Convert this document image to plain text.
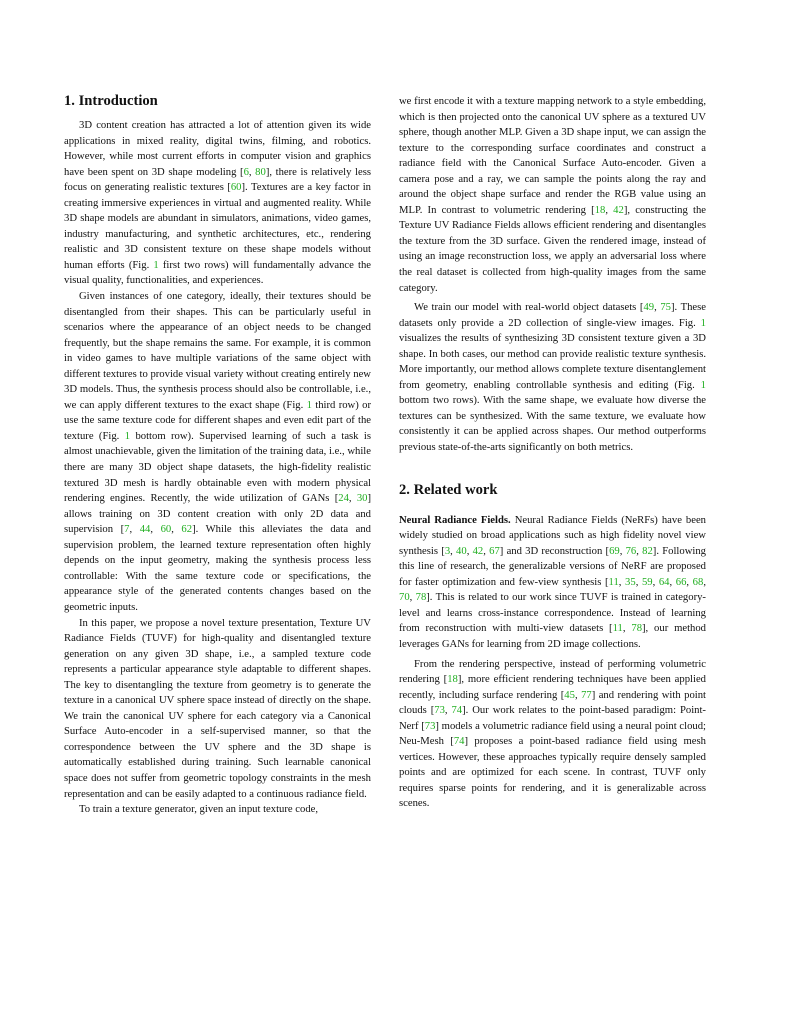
1. Introduction

3D content creation has attracted a lot of attention given its wide applications in mixed reality, digital twins, filming, and robotics. However, while most current efforts in computer vision and graphics have been spent on 3D shape modeling [6, 80], there is relatively less focus on generating realistic textures [60]. Textures are a key factor in creating immersive experiences in virtual and augmented reality. While 3D shape models are abundant in simulators, animations, video games, industry manufacturing, and synthetic architectures, etc., rendering realistic and 3D consistent texture on these shape models without human efforts (Fig. 1 first two rows) will fundamentally advance the visual quality, functionalities, and experiences.

Given instances of one category, ideally, their textures should be disentangled from their shapes. This can be particularly useful in scenarios where the appearance of an object needs to be changed frequently, but the shape remains the same. For example, it is common in video games to have multiple variations of the same object with different textures to provide visual variety without creating entirely new 3D models. Thus, the synthesis process should also be controllable, i.e., we can apply different textures to the exact shape (Fig. 1 third row) or use the same texture code for different shapes and even edit part of the texture (Fig. 1 bottom row). Supervised learning of such a task is almost unachievable, given the limitation of the training data, i.e., while there are many 3D object shape datasets, the high-fidelity realistic textured 3D mesh is hardly obtainable even with modern physical rendering engines. Recently, the wide utilization of GANs [24, 30] allows training on 3D content creation with only 2D data and supervision [7, 44, 60, 62]. While this alleviates the data and supervision problem, the learned texture representation often highly depends on the input geometry, making the synthesis process less controllable: With the same texture code or specifications, the appearance style of the generated contents changes based on the geometric inputs.

In this paper, we propose a novel texture presentation, Texture UV Radiance Fields (TUVF) for high-quality and disentangled texture generation on any given 3D shape, i.e., a sampled texture code represents a particular appearance style adaptable to different shapes. The key to disentangling the texture from geometry is to generate the texture in a canonical UV sphere space instead of directly on the shape. We train the canonical UV sphere for each category via a Canonical Surface Auto-encoder in a self-supervised manner, so that the correspondence between the UV sphere and the 3D shape is automatically established during training. Such learnable canonical space does not suffer from geometric topology constraints in the mesh representation and can be easily adapted to a continuous radiance field.

To train a texture generator, given an input texture code,

we first encode it with a texture mapping network to a style embedding, which is then projected onto the canonical UV sphere as a textured UV sphere, though another MLP. Given a 3D shape input, we can assign the texture to the corresponding surface coordinates and construct a radiance field with the Canonical Surface Auto-encoder. Given a camera pose and a ray, we can sample the points along the ray and around the object shape surface and render the RGB value using an MLP. In contrast to volumetric rendering [18, 42], constructing the Texture UV Radiance Fields allows efficient rendering and disentangles the texture from the 3D surface. Given the rendered image, instead of using an image reconstruction loss, we apply an adversarial loss where the real dataset is collected from high-quality images from the same category.

We train our model with real-world object datasets [49, 75]. These datasets only provide a 2D collection of single-view images. Fig. 1 visualizes the results of synthesizing 3D consistent texture given a 3D shape. In both cases, our method can provide realistic texture synthesis. More importantly, our method allows complete texture disentanglement from geometry, enabling controllable synthesis and editing (Fig. 1 bottom two rows). With the same shape, we evaluate how diverse the textures can be synthesized. With the same texture, we evaluate how consistently it can be applied across shapes. Our method outperforms previous state-of-the-arts significantly on both metrics.

2. Related work

Neural Radiance Fields. Neural Radiance Fields (NeRFs) have been widely studied on broad applications such as high fidelity novel view synthesis [3, 40, 42, 67] and 3D reconstruction [69, 76, 82]. Following this line of research, the generalizable versions of NeRF are proposed for faster optimization and few-view synthesis [11, 35, 59, 64, 66, 68, 70, 78]. This is related to our work since TUVF is trained in category-level and learns cross-instance correspondence. Instead of learning from reconstruction with multi-view datasets [11, 78], our method leverages GANs for learning from 2D image collections.

From the rendering perspective, instead of performing volumetric rendering [18], more efficient rendering techniques have been applied recently, including surface rendering [45, 77] and rendering with point clouds [73, 74]. Our work relates to the point-based paradigm: Point-Nerf [73] models a volumetric radiance field using a neural point cloud; Neu-Mesh [74] proposes a point-based radiance field using mesh vertices. However, these approaches typically require densely sampled points and are optimized for each scene. In contrast, TUVF only requires sparse points for rendering, and it is generalizable across scenes.
